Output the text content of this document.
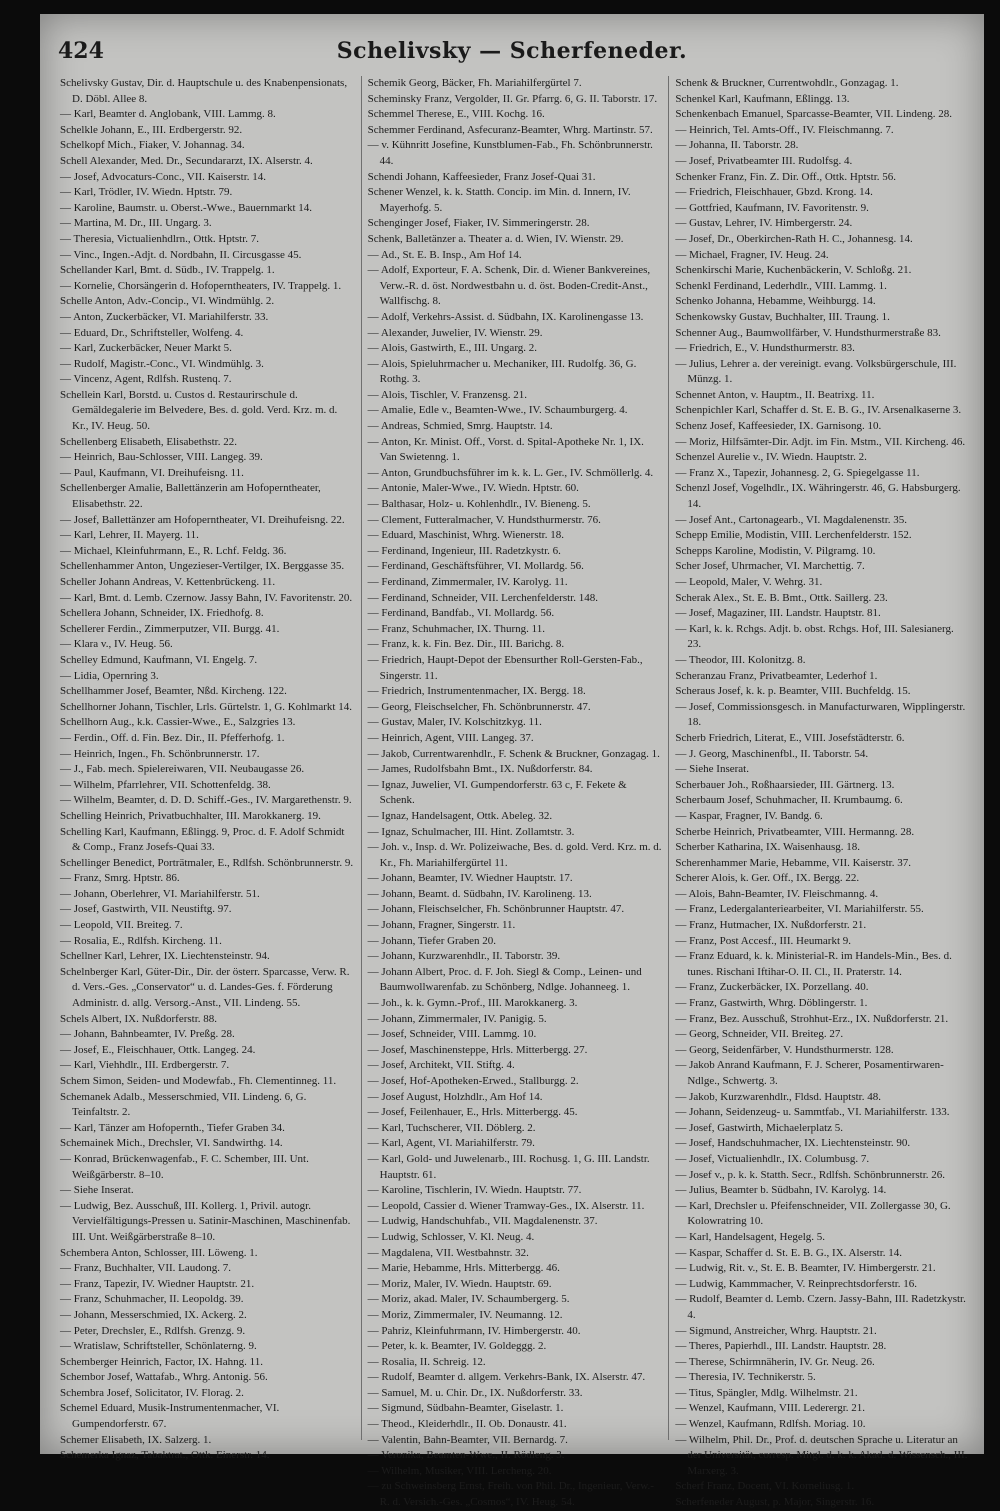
424	Schelivsky — Scherfeneder.

Schelivsky Gustav, Dir. d. Hauptschule u. des Knabenpensionats, D. Döbl. Allee 8.

— Karl, Beamter d. Anglobank, VIII. Lammg. 8.

Schelkle Johann, E., III. Erdbergerstr. 92.

Schelkopf Mich., Fiaker, V. Johannag. 34.

Schell Alexander, Med. Dr., Secundararzt, IX. Alserstr. 4.

— Josef, Advocaturs-Conc., VII. Kaiserstr. 14.

— Karl, Trödler, IV. Wiedn. Hptstr. 79.

— Karoline, Baumstr. u. Oberst.-Wwe., Bauernmarkt 14.

— Martina, M. Dr., III. Ungarg. 3.

— Theresia, Victualienhdlrn., Ottk. Hptstr. 7.

— Vinc., Ingen.-Adjt. d. Nordbahn, II. Circusgasse 45.

Schellander Karl, Bmt. d. Südb., IV. Trappelg. 1.

— Kornelie, Chorsängerin d. Hofoperntheaters, IV. Trappelg. 1.

Schelle Anton, Adv.-Concip., VI. Windmühlg. 2.

— Anton, Zuckerbäcker, VI. Mariahilferstr. 33.

— Eduard, Dr., Schriftsteller, Wolfeng. 4.

— Karl, Zuckerbäcker, Neuer Markt 5.

— Rudolf, Magistr.-Conc., VI. Windmühlg. 3.

— Vincenz, Agent, Rdlfsh. Rustenq. 7.

Schellein Karl, Borstd. u. Custos d. Restaurirschule d. Gemäldegalerie im Belvedere, Bes. d. gold. Verd. Krz. m. d. Kr., IV. Heug. 50.

Schellenberg Elisabeth, Elisabethstr. 22.

— Heinrich, Bau-Schlosser, VIII. Langeg. 39.

— Paul, Kaufmann, VI. Dreihufeisng. 11.

Schellenberger Amalie, Ballettänzerin am Hofoperntheater, Elisabethstr. 22.

— Josef, Ballettänzer am Hofoperntheater, VI. Dreihufeisng. 22.

— Karl, Lehrer, II. Mayerg. 11.

— Michael, Kleinfuhrmann, E., R. Lchf. Feldg. 36.

Schellenhammer Anton, Ungezieser-Vertilger, IX. Berggasse 35.

Scheller Johann Andreas, V. Kettenbrückeng. 11.

— Karl, Bmt. d. Lemb. Czernow. Jassy Bahn, IV. Favoritenstr. 20.

Schellera Johann, Schneider, IX. Friedhofg. 8.

Schellerer Ferdin., Zimmerputzer, VII. Burgg. 41.

— Klara v., IV. Heug. 56.

Schelley Edmund, Kaufmann, VI. Engelg. 7.

— Lidia, Opernring 3.

Schellhammer Josef, Beamter, Nßd. Kircheng. 122.

Schellhorner Johann, Tischler, Lrls. Gürtelstr. 1, G. Kohlmarkt 14.

Schellhorn Aug., k.k. Cassier-Wwe., E., Salzgries 13.

— Ferdin., Off. d. Fin. Bez. Dir., II. Pfefferhofg. 1.

— Heinrich, Ingen., Fh. Schönbrunnerstr. 17.

— J., Fab. mech. Spielereiwaren, VII. Neubaugasse 26.

— Wilhelm, Pfarrlehrer, VII. Schottenfeldg. 38.

— Wilhelm, Beamter, d. D. D. Schiff.-Ges., IV. Margarethenstr. 9.

Schelling Heinrich, Privatbuchhalter, III. Marokkanerg. 19.

Schelling Karl, Kaufmann, Eßlingg. 9, Proc. d. F. Adolf Schmidt & Comp., Franz Josefs-Quai 33.

Schellinger Benedict, Porträtmaler, E., Rdlfsh. Schönbrunnerstr. 9.

— Franz, Smrg. Hptstr. 86.

— Johann, Oberlehrer, VI. Mariahilferstr. 51.

— Josef, Gastwirth, VII. Neustiftg. 97.

— Leopold, VII. Breiteg. 7.

— Rosalia, E., Rdlfsh. Kircheng. 11.

Schellner Karl, Lehrer, IX. Liechtensteinstr. 94.

Schelnberger Karl, Güter-Dir., Dir. der österr. Sparcasse, Verw. R. d. Vers.-Ges. „Conservator“ u. d. Landes-Ges. f. Förderung Administr. d. allg. Versorg.-Anst., VII. Lindeng. 55.

Schels Albert, IX. Nußdorferstr. 88.

— Johann, Bahnbeamter, IV. Preßg. 28.

— Josef, E., Fleischhauer, Ottk. Langeg. 24.

— Karl, Viehhdlr., III. Erdbergerstr. 7.

Schem Simon, Seiden- und Modewfab., Fh. Clementinneg. 11.

Schemanek Adalb., Messerschmied, VII. Lindeng. 6, G. Teinfaltstr. 2.

— Karl, Tänzer am Hofopernth., Tiefer Graben 34.

Schemainek Mich., Drechsler, VI. Sandwirthg. 14.

— Konrad, Brückenwagenfab., F. C. Schember, III. Unt. Weißgärberstr. 8–10.

— Siehe Inserat.

— Ludwig, Bez. Ausschuß, III. Kollerg. 1, Privil. autogr. Vervielfältigungs-Pressen u. Satinir-Maschinen, Maschinenfab. III. Unt. Weißgärberstraße 8–10.

Schembera Anton, Schlosser, III. Löweng. 1.

— Franz, Buchhalter, VII. Laudong. 7.

— Franz, Tapezir, IV. Wiedner Hauptstr. 21.

— Franz, Schuhmacher, II. Leopoldg. 39.

— Johann, Messerschmied, IX. Ackerg. 2.

— Peter, Drechsler, E., Rdlfsh. Grenzg. 9.

— Wratislaw, Schriftsteller, Schönlaterng. 9.

Schemberger Heinrich, Factor, IX. Hahng. 11.

Schembor Josef, Wattafab., Whrg. Antonig. 56.

Schembra Josef, Solicitator, IV. Florag. 2.

Schemel Eduard, Musik-Instrumentenmacher, VI. Gumpendorferstr. 67.

Schemer Elisabeth, IX. Salzerg. 1.

Schemerka Ignaz, Tabaktrat., Ottk. Einerstr. 14.

Schemik Georg, Bäcker, Fh. Mariahilfergürtel 7.

Scheminsky Franz, Vergolder, II. Gr. Pfarrg. 6, G. II. Taborstr. 17.

Schemmel Therese, E., VIII. Kochg. 16.

Schemmer Ferdinand, Asfecuranz-Beamter, Whrg. Martinstr. 57.

— v. Kühnritt Josefine, Kunstblumen-Fab., Fh. Schönbrunnerstr. 44.

Schendi Johann, Kaffeesieder, Franz Josef-Quai 31.

Schener Wenzel, k. k. Statth. Concip. im Min. d. Innern, IV. Mayerhofg. 5.

Schenginger Josef, Fiaker, IV. Simmeringerstr. 28.

Schenk, Balletänzer a. Theater a. d. Wien, IV. Wienstr. 29.

— Ad., St. E. B. Insp., Am Hof 14.

— Adolf, Exporteur, F. A. Schenk, Dir. d. Wiener Bankvereines, Verw.-R. d. öst. Nordwestbahn u. d. öst. Boden-Credit-Anst., Wallfischg. 8.

— Adolf, Verkehrs-Assist. d. Südbahn, IX. Karolinengasse 13.

— Alexander, Juwelier, IV. Wienstr. 29.

— Alois, Gastwirth, E., III. Ungarg. 2.

— Alois, Spieluhrmacher u. Mechaniker, III. Rudolfg. 36, G. Rothg. 3.

— Alois, Tischler, V. Franzensg. 21.

— Amalie, Edle v., Beamten-Wwe., IV. Schaumburgerg. 4.

— Andreas, Schmied, Smrg. Hauptstr. 14.

— Anton, Kr. Minist. Off., Vorst. d. Spital-Apotheke Nr. 1, IX. Van Swietenng. 1.

— Anton, Grundbuchsführer im k. k. L. Ger., IV. Schmöllerlg. 4.

— Antonie, Maler-Wwe., IV. Wiedn. Hptstr. 60.

— Balthasar, Holz- u. Kohlenhdlr., IV. Bieneng. 5.

— Clement, Futteralmacher, V. Hundsthurmerstr. 76.

— Eduard, Maschinist, Whrg. Wienerstr. 18.

— Ferdinand, Ingenieur, III. Radetzkystr. 6.

— Ferdinand, Geschäftsführer, VI. Mollardg. 56.

— Ferdinand, Zimmermaler, IV. Karolyg. 11.

— Ferdinand, Schneider, VII. Lerchenfelderstr. 148.

— Ferdinand, Bandfab., VI. Mollardg. 56.

— Franz, Schuhmacher, IX. Thurng. 11.

— Franz, k. k. Fin. Bez. Dir., III. Barichg. 8.

— Friedrich, Haupt-Depot der Ebensurther Roll-Gersten-Fab., Singerstr. 11.

— Friedrich, Instrumentenmacher, IX. Bergg. 18.

— Georg, Fleischselcher, Fh. Schönbrunnerstr. 47.

— Gustav, Maler, IV. Kolschitzkyg. 11.

— Heinrich, Agent, VIII. Langeg. 37.

— Jakob, Currentwarenhdlr., F. Schenk & Bruckner, Gonzagag. 1.

— James, Rudolfsbahn Bmt., IX. Nußdorferstr. 84.

— Ignaz, Juwelier, VI. Gumpendorferstr. 63 c, F. Fekete & Schenk.

— Ignaz, Handelsagent, Ottk. Abeleg. 32.

— Ignaz, Schulmacher, III. Hint. Zollamtstr. 3.

— Joh. v., Insp. d. Wr. Polizeiwache, Bes. d. gold. Verd. Krz. m. d. Kr., Fh. Mariahilfergürtel 11.

— Johann, Beamter, IV. Wiedner Hauptstr. 17.

— Johann, Beamt. d. Südbahn, IV. Karolineng. 13.

— Johann, Fleischselcher, Fh. Schönbrunner Hauptstr. 47.

— Johann, Fragner, Singerstr. 11.

— Johann, Tiefer Graben 20.

— Johann, Kurzwarenhdlr., II. Taborstr. 39.

— Johann Albert, Proc. d. F. Joh. Siegl & Comp., Leinen- und Baumwollwarenfab. zu Schönberg, Ndlge. Johanneeg. 1.

— Joh., k. k. Gymn.-Prof., III. Marokkanerg. 3.

— Johann, Zimmermaler, IV. Panigig. 5.

— Josef, Schneider, VIII. Lammg. 10.

— Josef, Maschinensteppe, Hrls. Mitterbergg. 27.

— Josef, Architekt, VII. Stiftg. 4.

— Josef, Hof-Apotheken-Erwed., Stallburgg. 2.

— Josef August, Holzhdlr., Am Hof 14.

— Josef, Feilenhauer, E., Hrls. Mitterbergg. 45.

— Karl, Tuchscherer, VII. Döblerg. 2.

— Karl, Agent, VI. Mariahilferstr. 79.

— Karl, Gold- und Juwelenarb., III. Rochusg. 1, G. III. Landstr. Hauptstr. 61.

— Karoline, Tischlerin, IV. Wiedn. Hauptstr. 77.

— Leopold, Cassier d. Wiener Tramway-Ges., IX. Alserstr. 11.

— Ludwig, Handschuhfab., VII. Magdalenenstr. 37.

— Ludwig, Schlosser, V. Kl. Neug. 4.

— Magdalena, VII. Westbahnstr. 32.

— Marie, Hebamme, Hrls. Mitterbergg. 46.

— Moriz, Maler, IV. Wiedn. Hauptstr. 69.

— Moriz, akad. Maler, IV. Schaumbergerg. 5.

— Moriz, Zimmermaler, IV. Neumanng. 12.

— Pahriz, Kleinfuhrmann, IV. Himbergerstr. 40.

— Peter, k. k. Beamter, IV. Goldeggg. 2.

— Rosalia, II. Schreig. 12.

— Rudolf, Beamter d. allgem. Verkehrs-Bank, IX. Alserstr. 47.

— Samuel, M. u. Chir. Dr., IX. Nußdorferstr. 33.

— Sigmund, Südbahn-Beamter, Giselastr. 1.

— Theod., Kleiderhdlr., II. Ob. Donaustr. 41.

— Valentin, Bahn-Beamter, VII. Bernardg. 7.

— Veronika, Beamten-Wwe., II. Rödleng. 3.

— Wilhelm, Musiker, VIII. Lercheng. 20.

— zu Schweinsberg Ernst, Freih. von Phil. Dr., Ingenieur, Verw.-R. d. Versich.-Ges. „Cosmos“, IV. Heug. 54.

Schenk & Bruckner, Currentwohdlr., Gonzagag. 1.

Schenkel Karl, Kaufmann, Eßlingg. 13.

Schenkenbach Emanuel, Sparcasse-Beamter, VII. Lindeng. 28.

— Heinrich, Tel. Amts-Off., IV. Fleischmanng. 7.

— Johanna, II. Taborstr. 28.

— Josef, Privatbeamter III. Rudolfsg. 4.

Schenker Franz, Fin. Z. Dir. Off., Ottk. Hptstr. 56.

— Friedrich, Fleischhauer, Gbzd. Krong. 14.

— Gottfried, Kaufmann, IV. Favoritenstr. 9.

— Gustav, Lehrer, IV. Himbergerstr. 24.

— Josef, Dr., Oberkirchen-Rath H. C., Johannesg. 14.

— Michael, Fragner, IV. Heug. 24.

Schenkirschi Marie, Kuchenbäckerin, V. Schloßg. 21.

Schenkl Ferdinand, Lederhdlr., VIII. Lammg. 1.

Schenko Johanna, Hebamme, Weihburgg. 14.

Schenkowsky Gustav, Buchhalter, III. Traung. 1.

Schenner Aug., Baumwollfärber, V. Hundsthurmerstraße 83.

— Friedrich, E., V. Hundsthurmerstr. 83.

— Julius, Lehrer a. der vereinigt. evang. Volksbürgerschule, III. Münzg. 1.

Schennet Anton, v. Hauptm., II. Beatrixg. 11.

Schenpichler Karl, Schaffer d. St. E. B. G., IV. Arsenalkaserne 3.

Schenz Josef, Kaffeesieder, IX. Garnisong. 10.

— Moriz, Hilfsämter-Dir. Adjt. im Fin. Mstm., VII. Kircheng. 46.

Schenzel Aurelie v., IV. Wiedn. Hauptstr. 2.

— Franz X., Tapezir, Johannesg. 2, G. Spiegelgasse 11.

Schenzl Josef, Vogelhdlr., IX. Währingerstr. 46, G. Habsburgerg. 14.

— Josef Ant., Cartonagearb., VI. Magdalenenstr. 35.

Schepp Emilie, Modistin, VIII. Lerchenfelderstr. 152.

Schepps Karoline, Modistin, V. Pilgramg. 10.

Scher Josef, Uhrmacher, VI. Marchettig. 7.

— Leopold, Maler, V. Wehrg. 31.

Scherak Alex., St. E. B. Bmt., Ottk. Saillerg. 23.

— Josef, Magaziner, III. Landstr. Hauptstr. 81.

— Karl, k. k. Rchgs. Adjt. b. obst. Rchgs. Hof, III. Salesianerg. 23.

— Theodor, III. Kolonitzg. 8.

Scheranzau Franz, Privatbeamter, Lederhof 1.

Scheraus Josef, k. k. p. Beamter, VIII. Buchfeldg. 15.

— Josef, Commissionsgesch. in Manufacturwaren, Wipplingerstr. 18.

Scherb Friedrich, Literat, E., VIII. Josefstädterstr. 6.

— J. Georg, Maschinenfbl., II. Taborstr. 54.

— Siehe Inserat.

Scherbauer Joh., Roßhaarsieder, III. Gärtnerg. 13.

Scherbaum Josef, Schuhmacher, II. Krumbaumg. 6.

— Kaspar, Fragner, IV. Bandg. 6.

Scherbe Heinrich, Privatbeamter, VIII. Hermanng. 28.

Scherber Katharina, IX. Waisenhausg. 18.

Scherenhammer Marie, Hebamme, VII. Kaiserstr. 37.

Scherer Alois, k. Ger. Off., IX. Bergg. 22.

— Alois, Bahn-Beamter, IV. Fleischmanng. 4.

— Franz, Ledergalanteriearbeiter, VI. Mariahilferstr. 55.

— Franz, Hutmacher, IX. Nußdorferstr. 21.

— Franz, Post Accesf., III. Heumarkt 9.

— Franz Eduard, k. k. Ministerial-R. im Handels-Min., Bes. d. tunes. Rischani Iftihar-O. II. Cl., II. Praterstr. 14.

— Franz, Zuckerbäcker, IX. Porzellang. 40.

— Franz, Gastwirth, Whrg. Döblingerstr. 1.

— Franz, Bez. Ausschuß, Strohhut-Erz., IX. Nußdorferstr. 21.

— Georg, Schneider, VII. Breiteg. 27.

— Georg, Seidenfärber, V. Hundsthurmerstr. 128.

— Jakob Anrand Kaufmann, F. J. Scherer, Posamentirwaren-Ndlge., Schwertg. 3.

— Jakob, Kurzwarenhdlr., Fldsd. Hauptstr. 48.

— Johann, Seidenzeug- u. Sammtfab., VI. Mariahilferstr. 133.

— Josef, Gastwirth, Michaelerplatz 5.

— Josef, Handschuhmacher, IX. Liechtensteinstr. 90.

— Josef, Victualienhdlr., IX. Columbusg. 7.

— Josef v., p. k. k. Statth. Secr., Rdlfsh. Schönbrunnerstr. 26.

— Julius, Beamter b. Südbahn, IV. Karolyg. 14.

— Karl, Drechsler u. Pfeifenschneider, VII. Zollergasse 30, G. Kolowratring 10.

— Karl, Handelsagent, Hegelg. 5.

— Kaspar, Schaffer d. St. E. B. G., IX. Alserstr. 14.

— Ludwig, Rit. v., St. E. B. Beamter, IV. Himbergerstr. 21.

— Ludwig, Kammmacher, V. Reinprechtsdorferstr. 16.

— Rudolf, Beamter d. Lemb. Czern. Jassy-Bahn, III. Radetzkystr. 4.

— Sigmund, Anstreicher, Whrg. Hauptstr. 21.

— Theres, Papierhdl., III. Landstr. Hauptstr. 28.

— Therese, Schirmnäherin, IV. Gr. Neug. 26.

— Theresia, IV. Technikerstr. 5.

— Titus, Spängler, Mdlg. Wilhelmstr. 21.

— Wenzel, Kaufmann, VIII. Lederergr. 21.

— Wenzel, Kaufmann, Rdlfsh. Moriag. 10.

— Wilhelm, Phil. Dr., Prof. d. deutschen Sprache u. Literatur an der Universität, corresp. Mitgl. d. k. k. Akad. d. Wissensch., III. Marxerg. 3.

Scherf Franz, Docent, VI. Korneliusg. 1.

Scherfeneder August, p. Major, Singerstr. 16.
